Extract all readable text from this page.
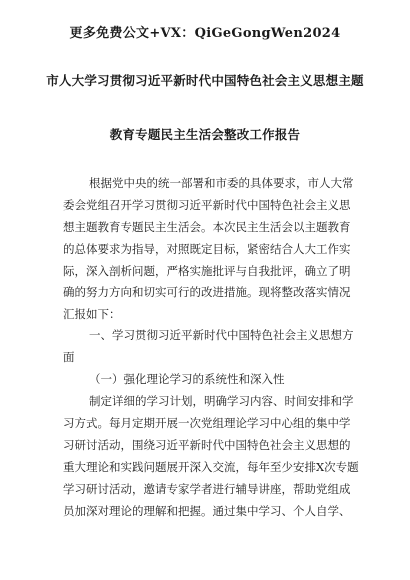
更多免费公文+VX：QiGeGongWen2024
市人大学习贯彻习近平新时代中国特色社会主义思想主题
教育专题民主生活会整改工作报告
根据党中央的统一部署和市委的具体要求，市人大常
委会党组召开学习贯彻习近平新时代中国特色社会主义思
想主题教育专题民主生活会。本次民主生活会以主题教育
的总体要求为指导，对照既定目标，紧密结合人大工作实
际，深入剖析问题，严格实施批评与自我批评，确立了明
确的努力方向和切实可行的改进措施。现将整改落实情况
汇报如下：
一、学习贯彻习近平新时代中国特色社会主义思想方
面
（一）强化理论学习的系统性和深入性
制定详细的学习计划，明确学习内容、时间安排和学
习方式。每月定期开展一次党组理论学习中心组的集中学
习研讨活动，围绕习近平新时代中国特色社会主义思想的
重大理论和实践问题展开深入交流，每年至少安排X次专题
学习研讨活动，邀请专家学者进行辅导讲座，帮助党组成
员加深对理论的理解和把握。通过集中学习、个人自学、
